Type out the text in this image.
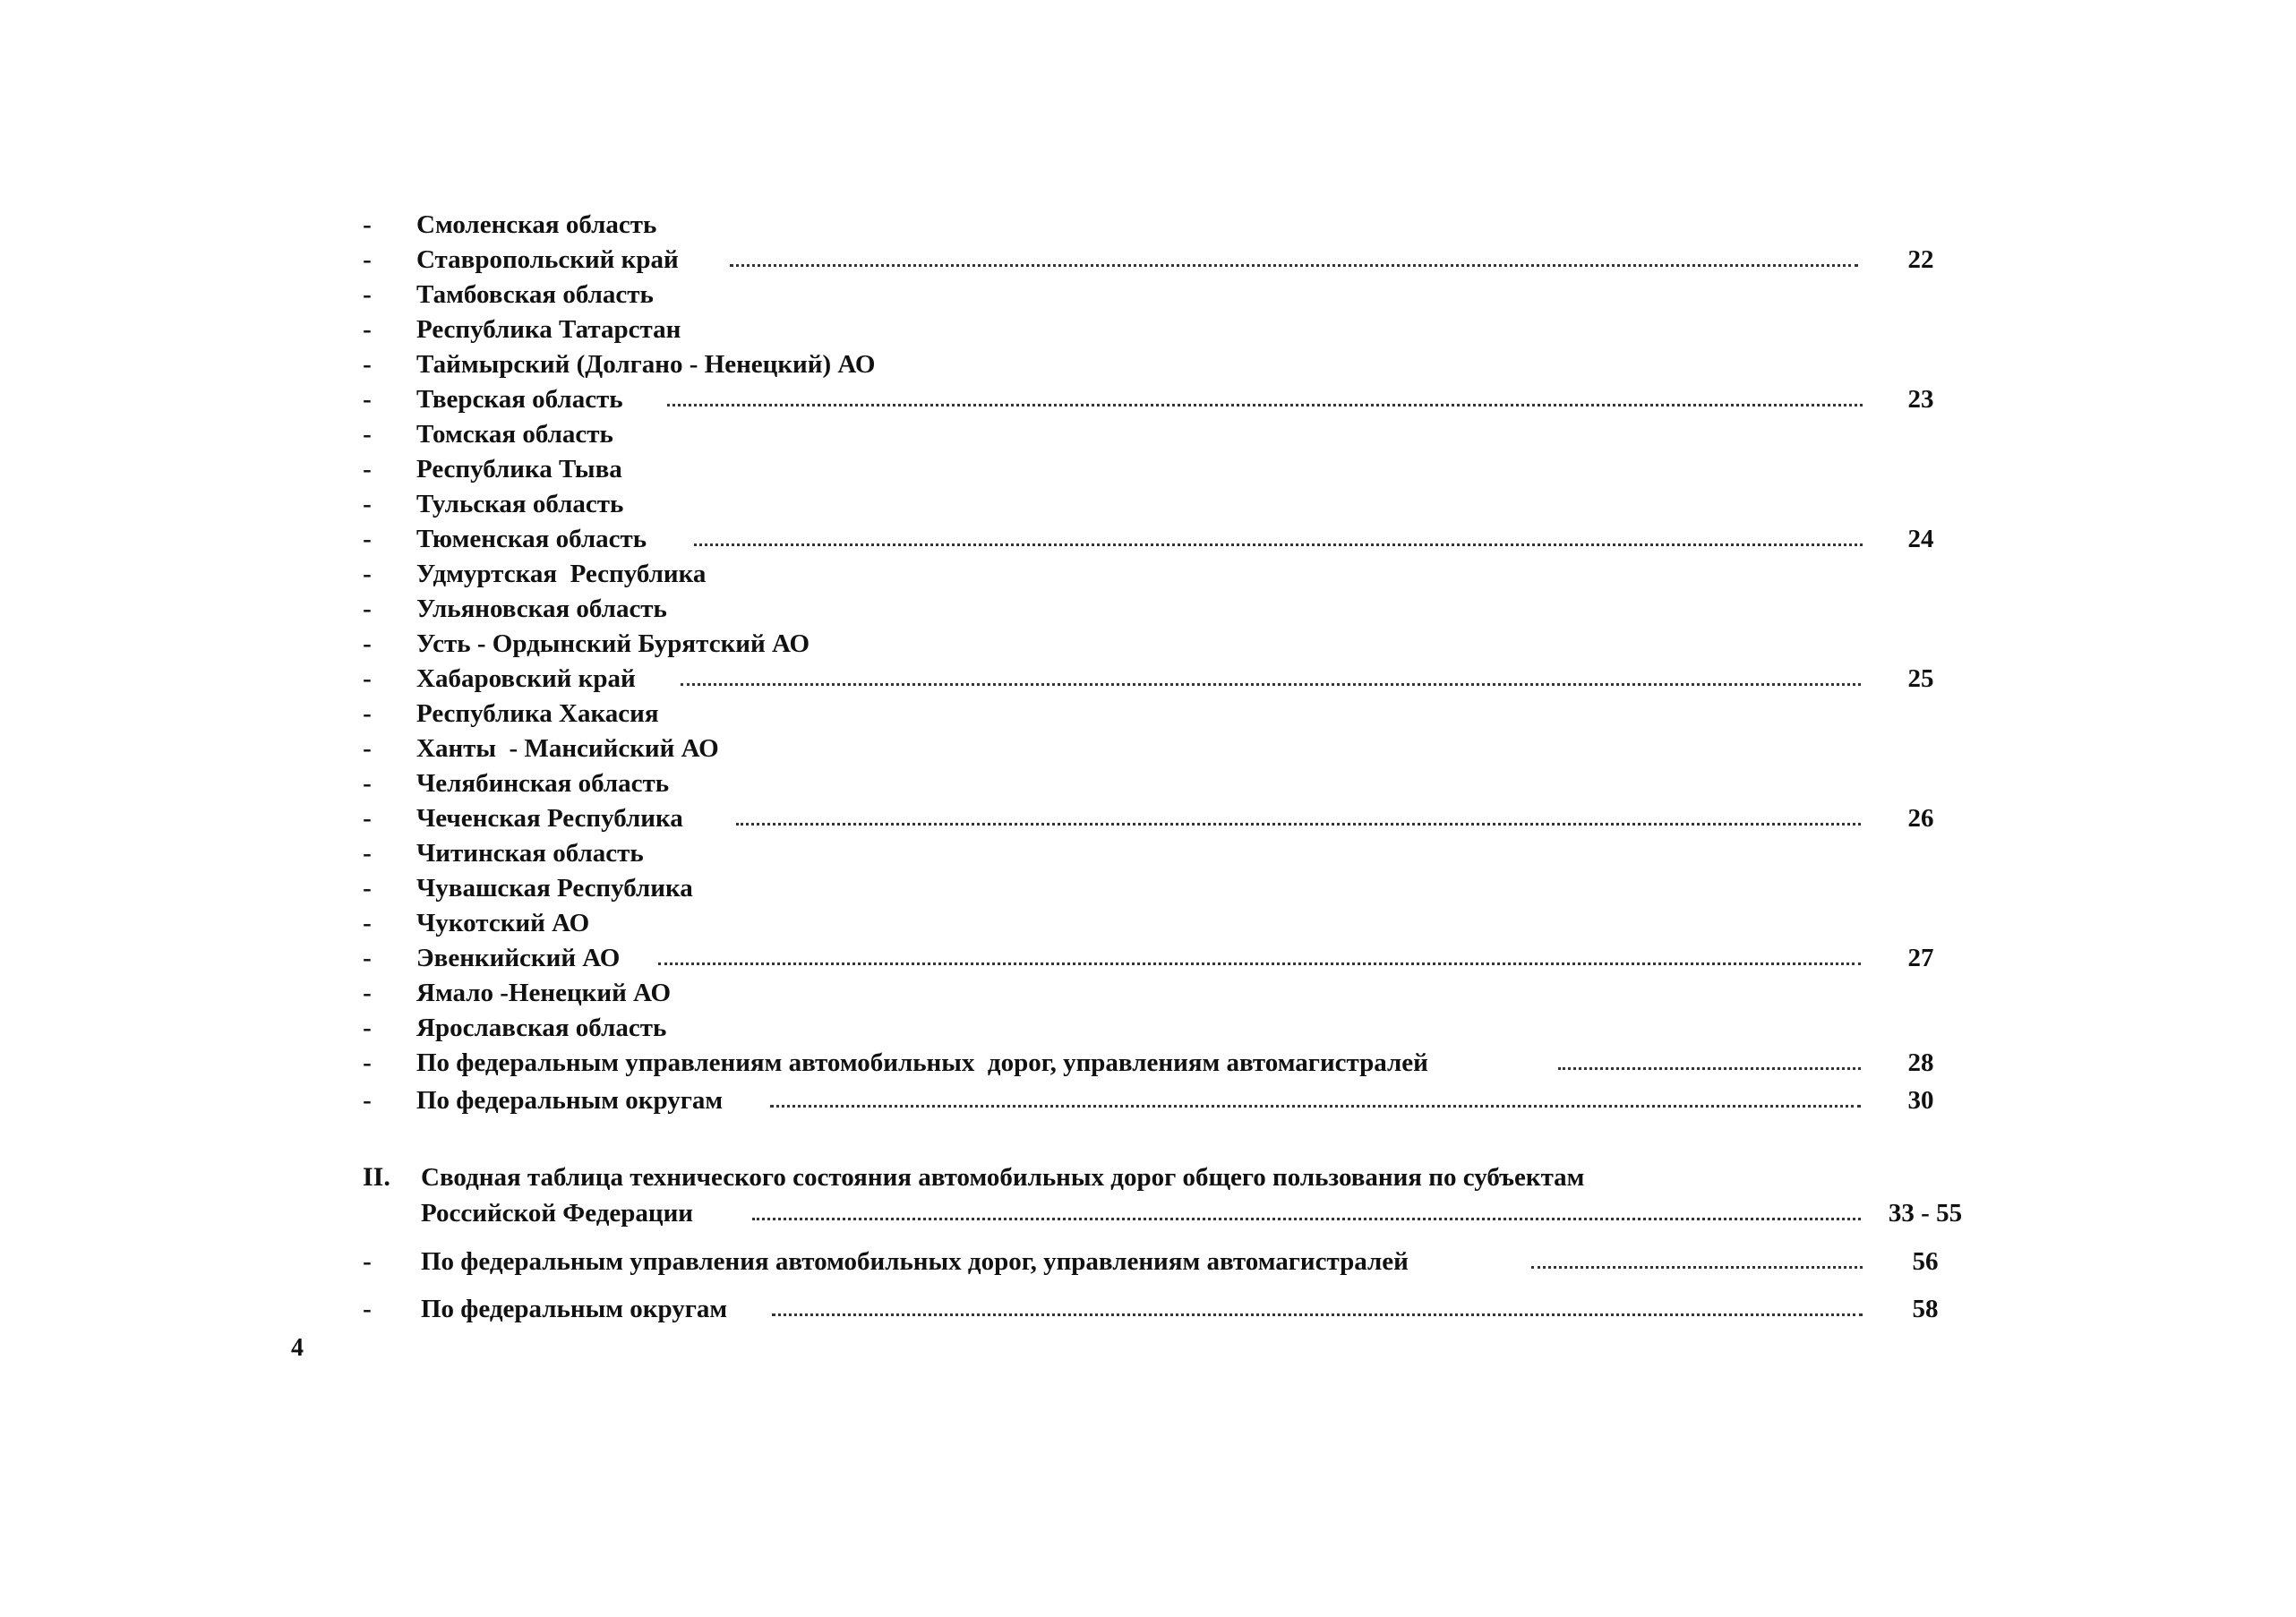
- Смоленская область
- Ставропольский край	22
- Тамбовская область
- Республика Татарстан
- Таймырский (Долгано - Ненецкий) АО
- Тверская область	23
- Томская область
- Республика Тыва
- Тульская область
- Тюменская область	24
- Удмуртская  Республика
- Ульяновская область
- Усть - Ордынский Бурятский АО
- Хабаровский край	25
- Республика Хакасия
- Ханты  - Мансийский АО
- Челябинская область
- Чеченская Республика	26
- Читинская область
- Чувашская Республика
- Чукотский АО
- Эвенкийский АО	27
- Ямало -Ненецкий АО
- Ярославская область
- По федеральным управлениям автомобильных  дорог, управлениям автомагистралей	28
- По федеральным округам	30
II. Сводная таблица технического состояния автомобильных дорог общего пользования по субъектам
Российской Федерации	33 - 55
- По федеральным управления автомобильных дорог, управлениям автомагистралей	56
- По федеральным округам	58
4
